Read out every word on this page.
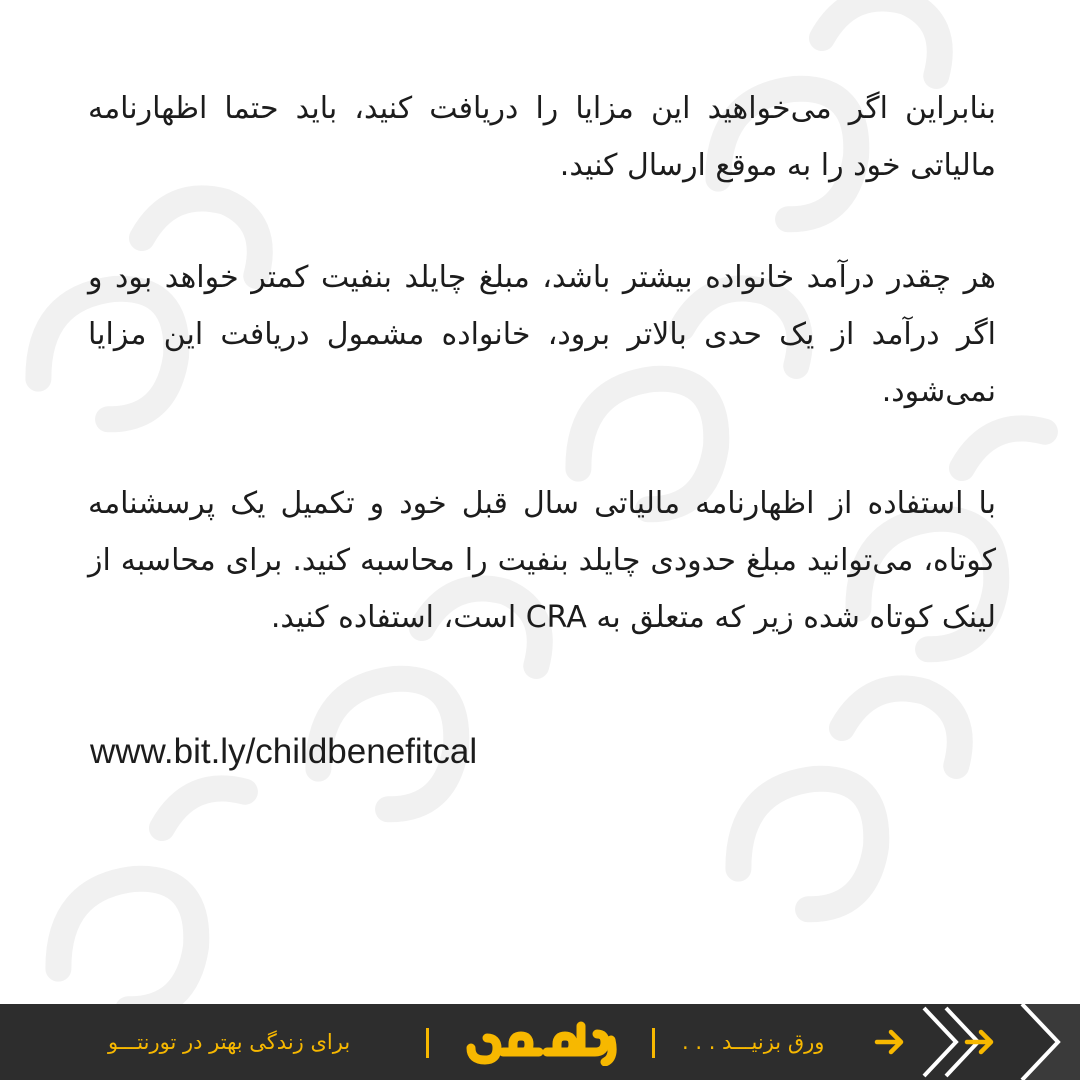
بنابراین اگر می‌خواهید این مزایا را دریافت کنید، باید حتما اظهارنامه مالیاتی خود را به موقع ارسال کنید.

هر چقدر درآمد خانواده بیشتر باشد، مبلغ چایلد بنفیت کمتر خواهد بود و اگر درآمد از یک حدی بالاتر برود، خانواده مشمول دریافت این مزایا نمی‌شود.

با استفاده از اظهارنامه مالیاتی سال قبل خود و تکمیل یک پرسشنامه کوتاه، می‌توانید مبلغ حدودی چایلد بنفیت را محاسبه کنید. برای محاسبه از لینک کوتاه شده زیر که متعلق به CRA است، استفاده کنید.

www.bit.ly/childbenefitcal
برای زندگی بهتر در تورنتـــو	ورق بزنیـــد . . .
